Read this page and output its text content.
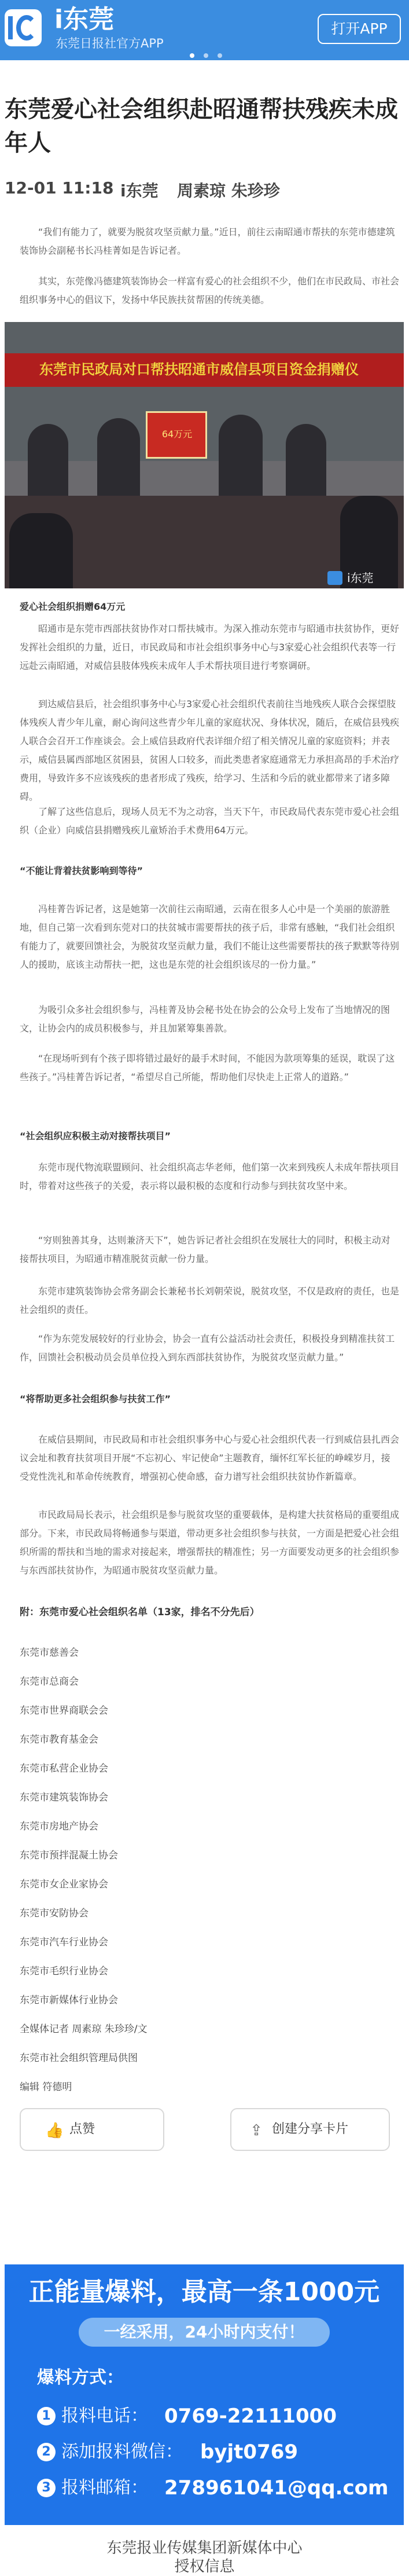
i东莞
东莞日报社官方APP
打开APP
东莞爱心社会组织赴昭通帮扶残疾未成年人
12-01 11:18 i东莞 周素琼 朱珍珍
“我们有能力了，就要为脱贫攻坚贡献力量。”近日，前往云南昭通市帮扶的东莞市德建筑装饰协会副秘书长冯桂菁如是告诉记者。
其实，东莞像冯德建筑装饰协会一样富有爱心的社会组织不少，他们在市民政局、市社会组织事务中心的倡议下，发扬中华民族扶贫帮困的传统美德。
东莞市民政局对口帮扶昭通市威信县项目资金捐赠仪
64万元
i东莞
爱心社会组织捐赠64万元
昭通市是东莞市西部扶贫协作对口帮扶城市。为深入推动东莞市与昭通市扶贫协作，更好发挥社会组织的力量，近日，市民政局和市社会组织事务中心与3家爱心社会组织代表等一行远赴云南昭通，对威信县肢体残疾未成年人手术帮扶项目进行考察调研。
到达威信县后，社会组织事务中心与3家爱心社会组织代表前往当地残疾人联合会探望肢体残疾人青少年儿童，耐心询问这些青少年儿童的家庭状况、身体状况，随后，在威信县残疾人联合会召开工作座谈会。会上威信县政府代表详细介绍了相关情况儿童的家庭资料；并表示，威信县属西部地区贫困县，贫困人口较多，而此类患者家庭通常无力承担高昂的手术治疗费用，导致许多不应该残疾的患者形成了残疾，给学习、生活和今后的就业都带来了诸多障碍。
了解了这些信息后，现场人员无不为之动容，当天下午，市民政局代表东莞市爱心社会组织（企业）向威信县捐赠残疾儿童矫治手术费用64万元。
“不能让背着扶贫影响到等待”
冯桂菁告诉记者，这是她第一次前往云南昭通，云南在很多人心中是一个美丽的旅游胜地，但自己第一次看到东莞对口的扶贫城市需要帮扶的孩子后，非常有感触，“我们社会组织有能力了，就要回馈社会，为脱贫攻坚贡献力量，我们不能让这些需要帮扶的孩子默默等待别人的援助，底该主动帮扶一把，这也是东莞的社会组织该尽的一份力量。”
为吸引众多社会组织参与，冯桂菁及协会秘书处在协会的公众号上发布了当地情况的图文，让协会内的成员积极参与，并且加紧筹集善款。
“在现场听到有个孩子即将错过最好的最手术时间，不能因为款项筹集的延误，耽误了这些孩子。”冯桂菁告诉记者，“希望尽自己所能，帮助他们尽快走上正常人的道路。”
“社会组织应积极主动对接帮扶项目”
东莞市现代物流联盟顾问、社会组织高志华老师，他们第一次来到残疾人未成年帮扶项目时，带着对这些孩子的关爱，表示将以最积极的态度和行动参与到扶贫攻坚中来。
“穷则独善其身，达则兼济天下”，她告诉记者社会组织在发展壮大的同时，积极主动对接帮扶项目，为昭通市精准脱贫贡献一份力量。
东莞市建筑装饰协会常务副会长兼秘书长刘朝荣说，脱贫攻坚，不仅是政府的责任，也是社会组织的责任。
“作为东莞发展较好的行业协会，协会一直有公益活动社会责任，积极投身到精准扶贫工作，回馈社会积极动员会员单位投入到东西部扶贫协作，为脱贫攻坚贡献力量。”
“将帮助更多社会组织参与扶贫工作”
在威信县期间，市民政局和市社会组织事务中心与爱心社会组织代表一行到威信县扎西会议会址和教育扶贫项目开展“不忘初心、牢记使命”主题教育，缅怀红军长征的峥嵘岁月，接受党性洗礼和革命传统教育，增强初心使命感，奋力谱写社会组织扶贫协作新篇章。
市民政局局长表示，社会组织是参与脱贫攻坚的重要载体，是构建大扶贫格局的重要组成部分。下来，市民政局将畅通参与渠道，带动更多社会组织参与扶贫，一方面是把爱心社会组织所需的帮扶和当地的需求对接起来，增强帮扶的精准性；另一方面要发动更多的社会组织参与东西部扶贫协作，为昭通市脱贫攻坚贡献力量。
附：东莞市爱心社会组织名单（13家，排名不分先后）
东莞市慈善会
东莞市总商会
东莞市世界商联会会
东莞市教育基金会
东莞市私营企业协会
东莞市建筑装饰协会
东莞市房地产协会
东莞市预拌混凝土协会
东莞市女企业家协会
东莞市安防协会
东莞市汽车行业协会
东莞市毛织行业协会
东莞市新媒体行业协会
全媒体记者 周素琼 朱珍珍/文
东莞市社会组织管理局供图
编辑 符德明
👍 点赞	⇪ 创建分享卡片
正能量爆料，最高一条1000元
一经采用，24小时内支付！
爆料方式：
1 报料电话： 0769-22111000
2 添加报料微信： byjt0769
3 报料邮箱： 278961041@qq.com
东莞报业传媒集团新媒体中心
授权信息
